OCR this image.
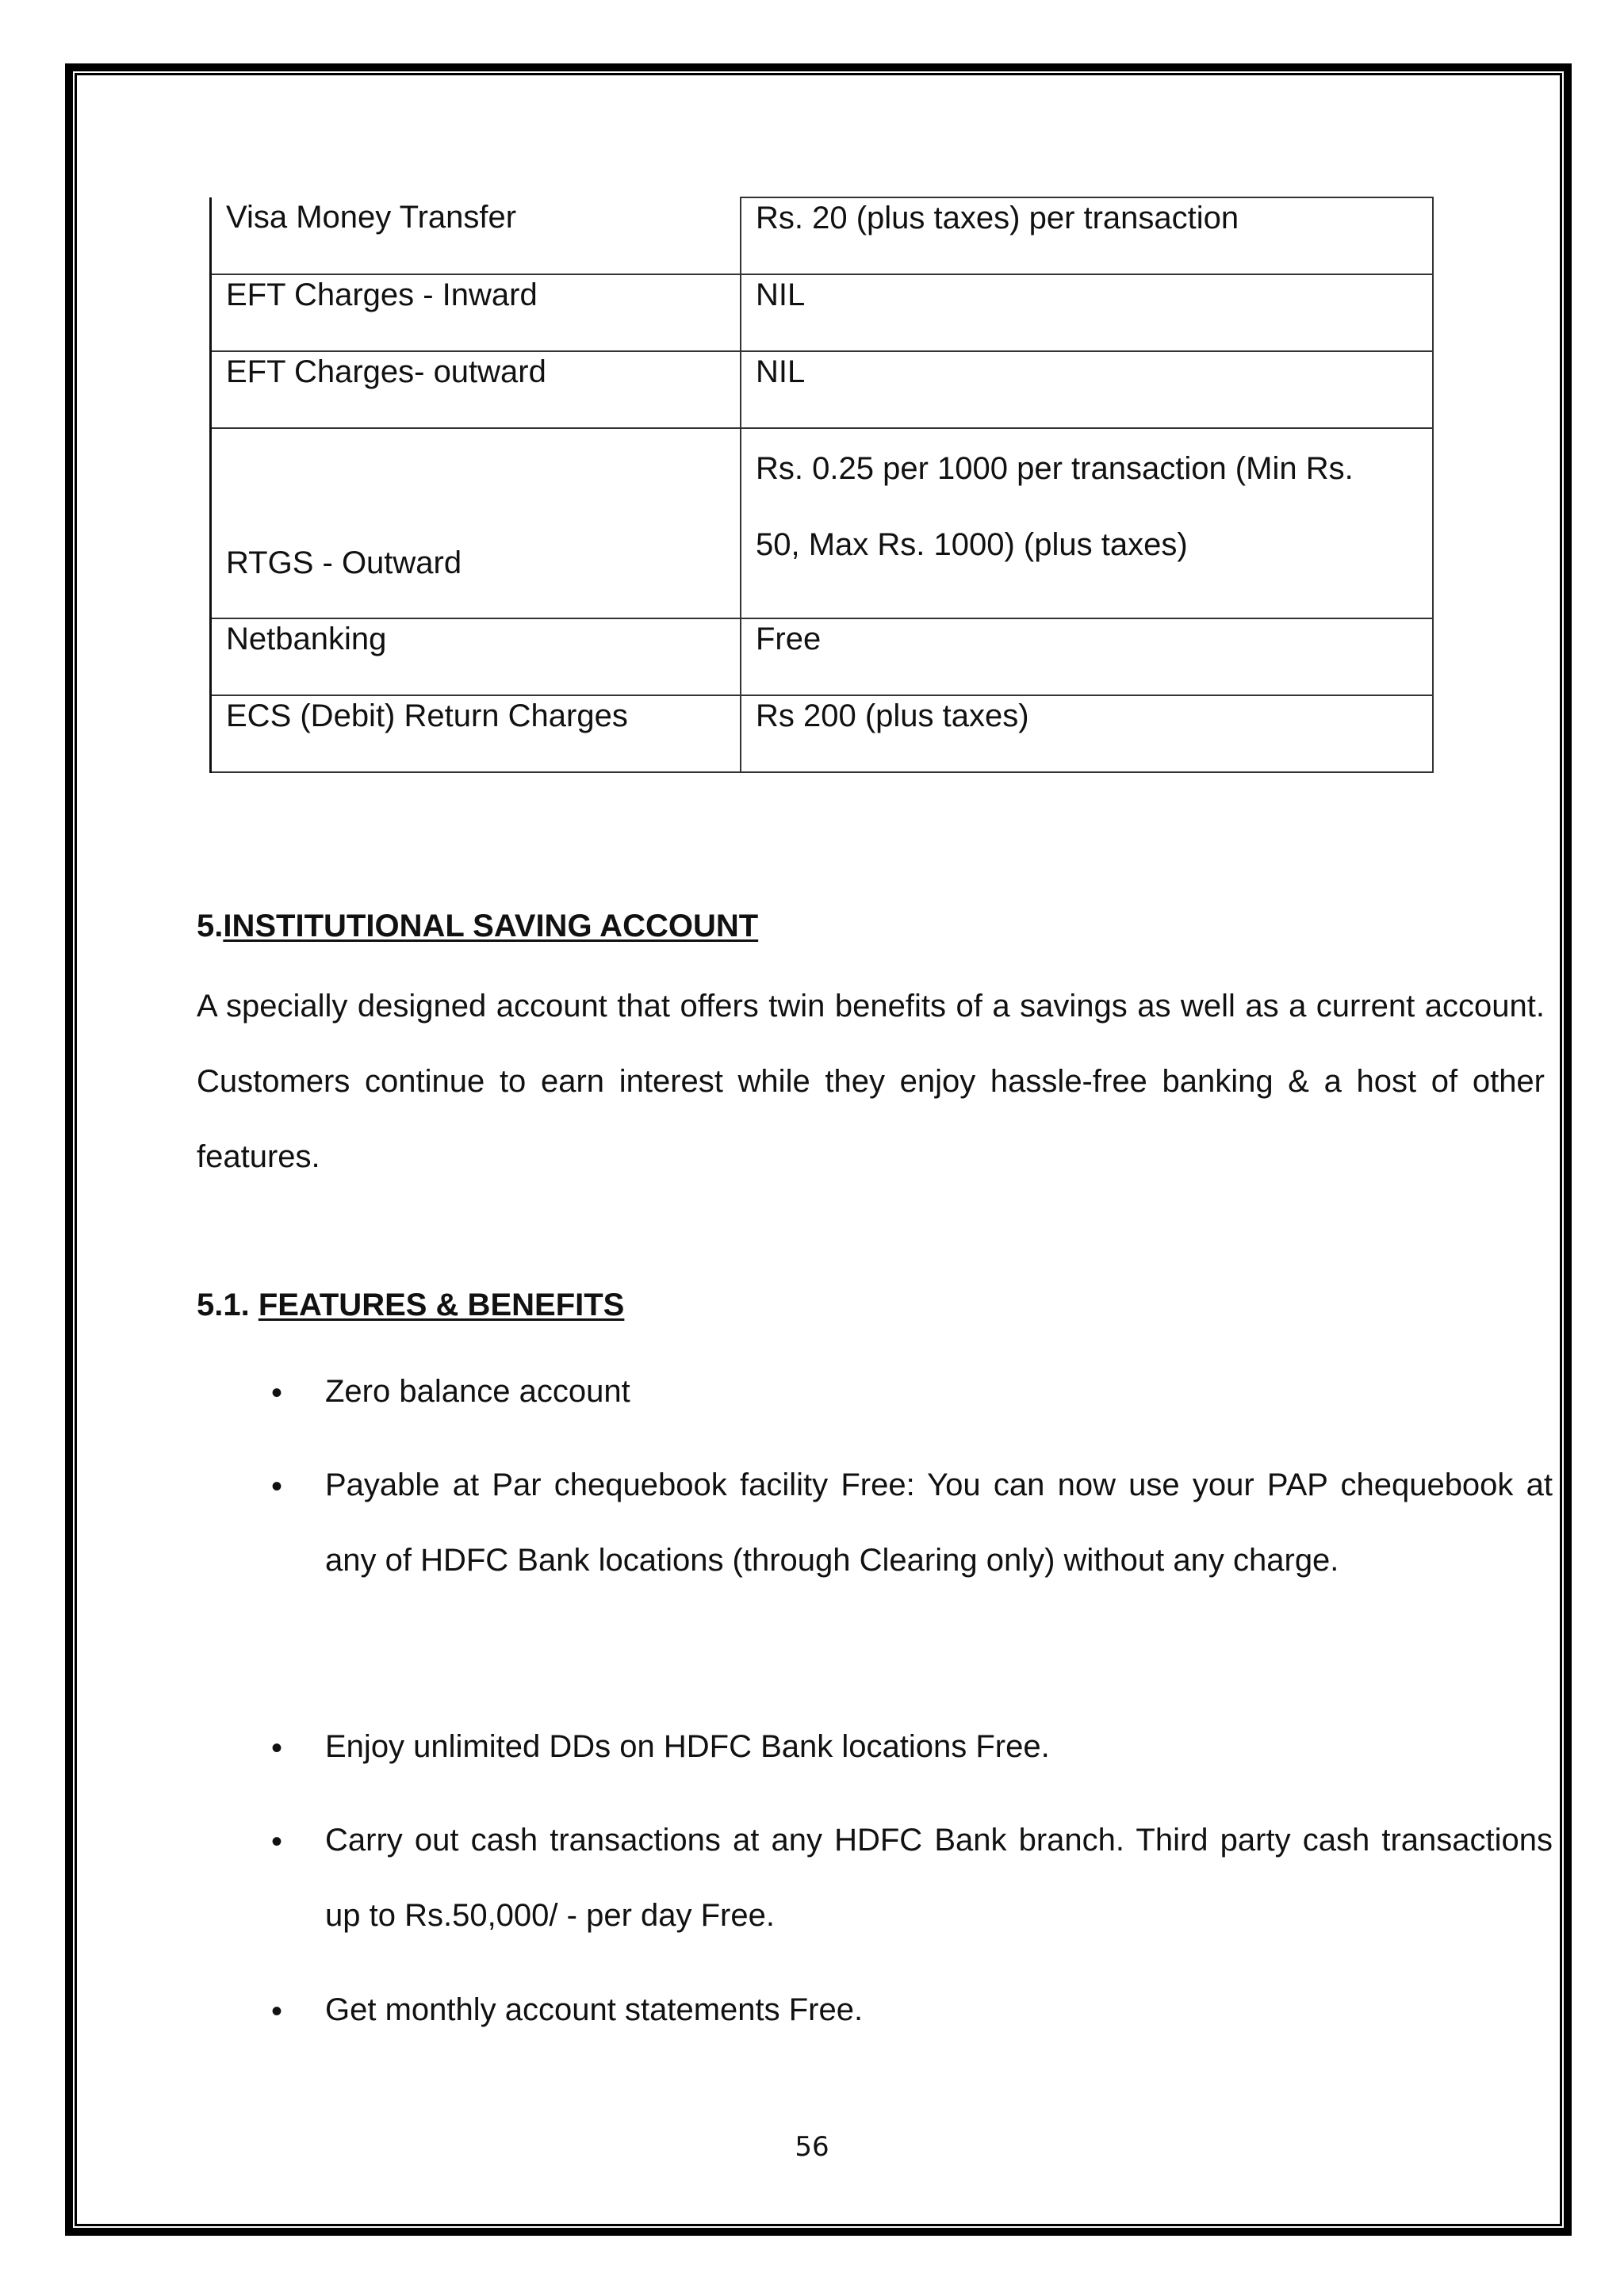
Visa Money Transfer	Rs. 20 (plus taxes) per transaction
EFT Charges - Inward	NIL
EFT Charges- outward	NIL
RTGS - Outward	Rs. 0.25 per 1000 per transaction (Min Rs.
50, Max Rs. 1000) (plus taxes)
Netbanking	Free
ECS (Debit) Return Charges	Rs 200 (plus taxes)
5.INSTITUTIONAL SAVING ACCOUNT
A specially designed account that offers twin benefits of a savings as well as a current account. Customers continue to earn interest while they enjoy hassle-free banking & a host of other features.
5.1. FEATURES & BENEFITS
• Zero balance account
• Payable at Par chequebook facility Free: You can now use your PAP chequebook at any of HDFC Bank locations (through Clearing only) without any charge.
• Enjoy unlimited DDs on HDFC Bank locations Free.
• Carry out cash transactions at any HDFC Bank branch. Third party cash transactions up to Rs.50,000/ - per day Free.
• Get monthly account statements Free.
56
